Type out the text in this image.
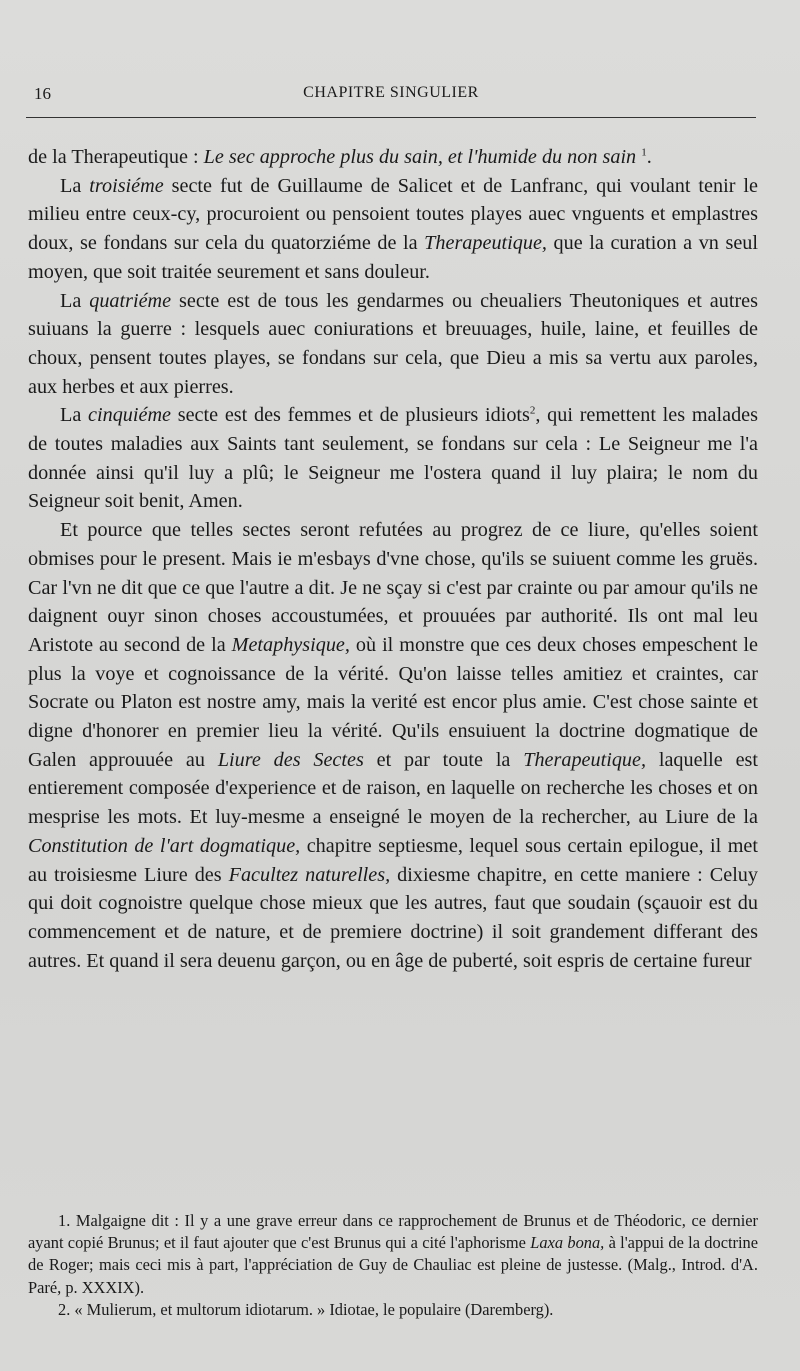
16	CHAPITRE SINGULIER

de la Therapeutique : Le sec approche plus du sain, et l'humide du non sain $^1$.

La troisiéme secte fut de Guillaume de Salicet et de Lanfranc, qui voulant tenir le milieu entre ceux-cy, procuroient ou pensoient toutes playes auec vnguents et emplastres doux, se fondans sur cela du quatorziéme de la Therapeutique, que la curation a vn seul moyen, que soit traitée seurement et sans douleur.

La quatriéme secte est de tous les gendarmes ou cheualiers Theutoniques et autres suiuans la guerre : lesquels auec coniurations et breuuages, huile, laine, et feuilles de choux, pensent toutes playes, se fondans sur cela, que Dieu a mis sa vertu aux paroles, aux herbes et aux pierres.

La cinquiéme secte est des femmes et de plusieurs idiots$^2$, qui remettent les malades de toutes maladies aux Saints tant seulement, se fondans sur cela : Le Seigneur me l'a donnée ainsi qu'il luy a plû; le Seigneur me l'ostera quand il luy plaira; le nom du Seigneur soit benit, Amen.

Et pource que telles sectes seront refutées au progrez de ce liure, qu'elles soient obmises pour le present. Mais ie m'esbays d'vne chose, qu'ils se suiuent comme les gruës. Car l'vn ne dit que ce que l'autre a dit. Je ne sçay si c'est par crainte ou par amour qu'ils ne daignent ouyr sinon choses accoustumées, et prouuées par authorité. Ils ont mal leu Aristote au second de la Metaphysique, où il monstre que ces deux choses empeschent le plus la voye et cognoissance de la vérité. Qu'on laisse telles amitiez et craintes, car Socrate ou Platon est nostre amy, mais la verité est encor plus amie. C'est chose sainte et digne d'honorer en premier lieu la vérité. Qu'ils ensuiuent la doctrine dogmatique de Galen approuuée au Liure des Sectes et par toute la Therapeutique, laquelle est entierement composée d'experience et de raison, en laquelle on recherche les choses et on mesprise les mots. Et luy-mesme a enseigné le moyen de la rechercher, au Liure de la Constitution de l'art dogmatique, chapitre septiesme, lequel sous certain epilogue, il met au troisiesme Liure des Facultez naturelles, dixiesme chapitre, en cette maniere : Celuy qui doit cognoistre quelque chose mieux que les autres, faut que soudain (sçauoir est du commencement et de nature, et de premiere doctrine) il soit grandement differant des autres. Et quand il sera deuenu garçon, ou en âge de puberté, soit espris de certaine fureur

1. Malgaigne dit : Il y a une grave erreur dans ce rapprochement de Brunus et de Théodoric, ce dernier ayant copié Brunus; et il faut ajouter que c'est Brunus qui a cité l'aphorisme Laxa bona, à l'appui de la doctrine de Roger; mais ceci mis à part, l'appréciation de Guy de Chauliac est pleine de justesse. (Malg., Introd. d'A. Paré, p. XXXIX).

2. « Mulierum, et multorum idiotarum. » Idiotae, le populaire (Daremberg).
